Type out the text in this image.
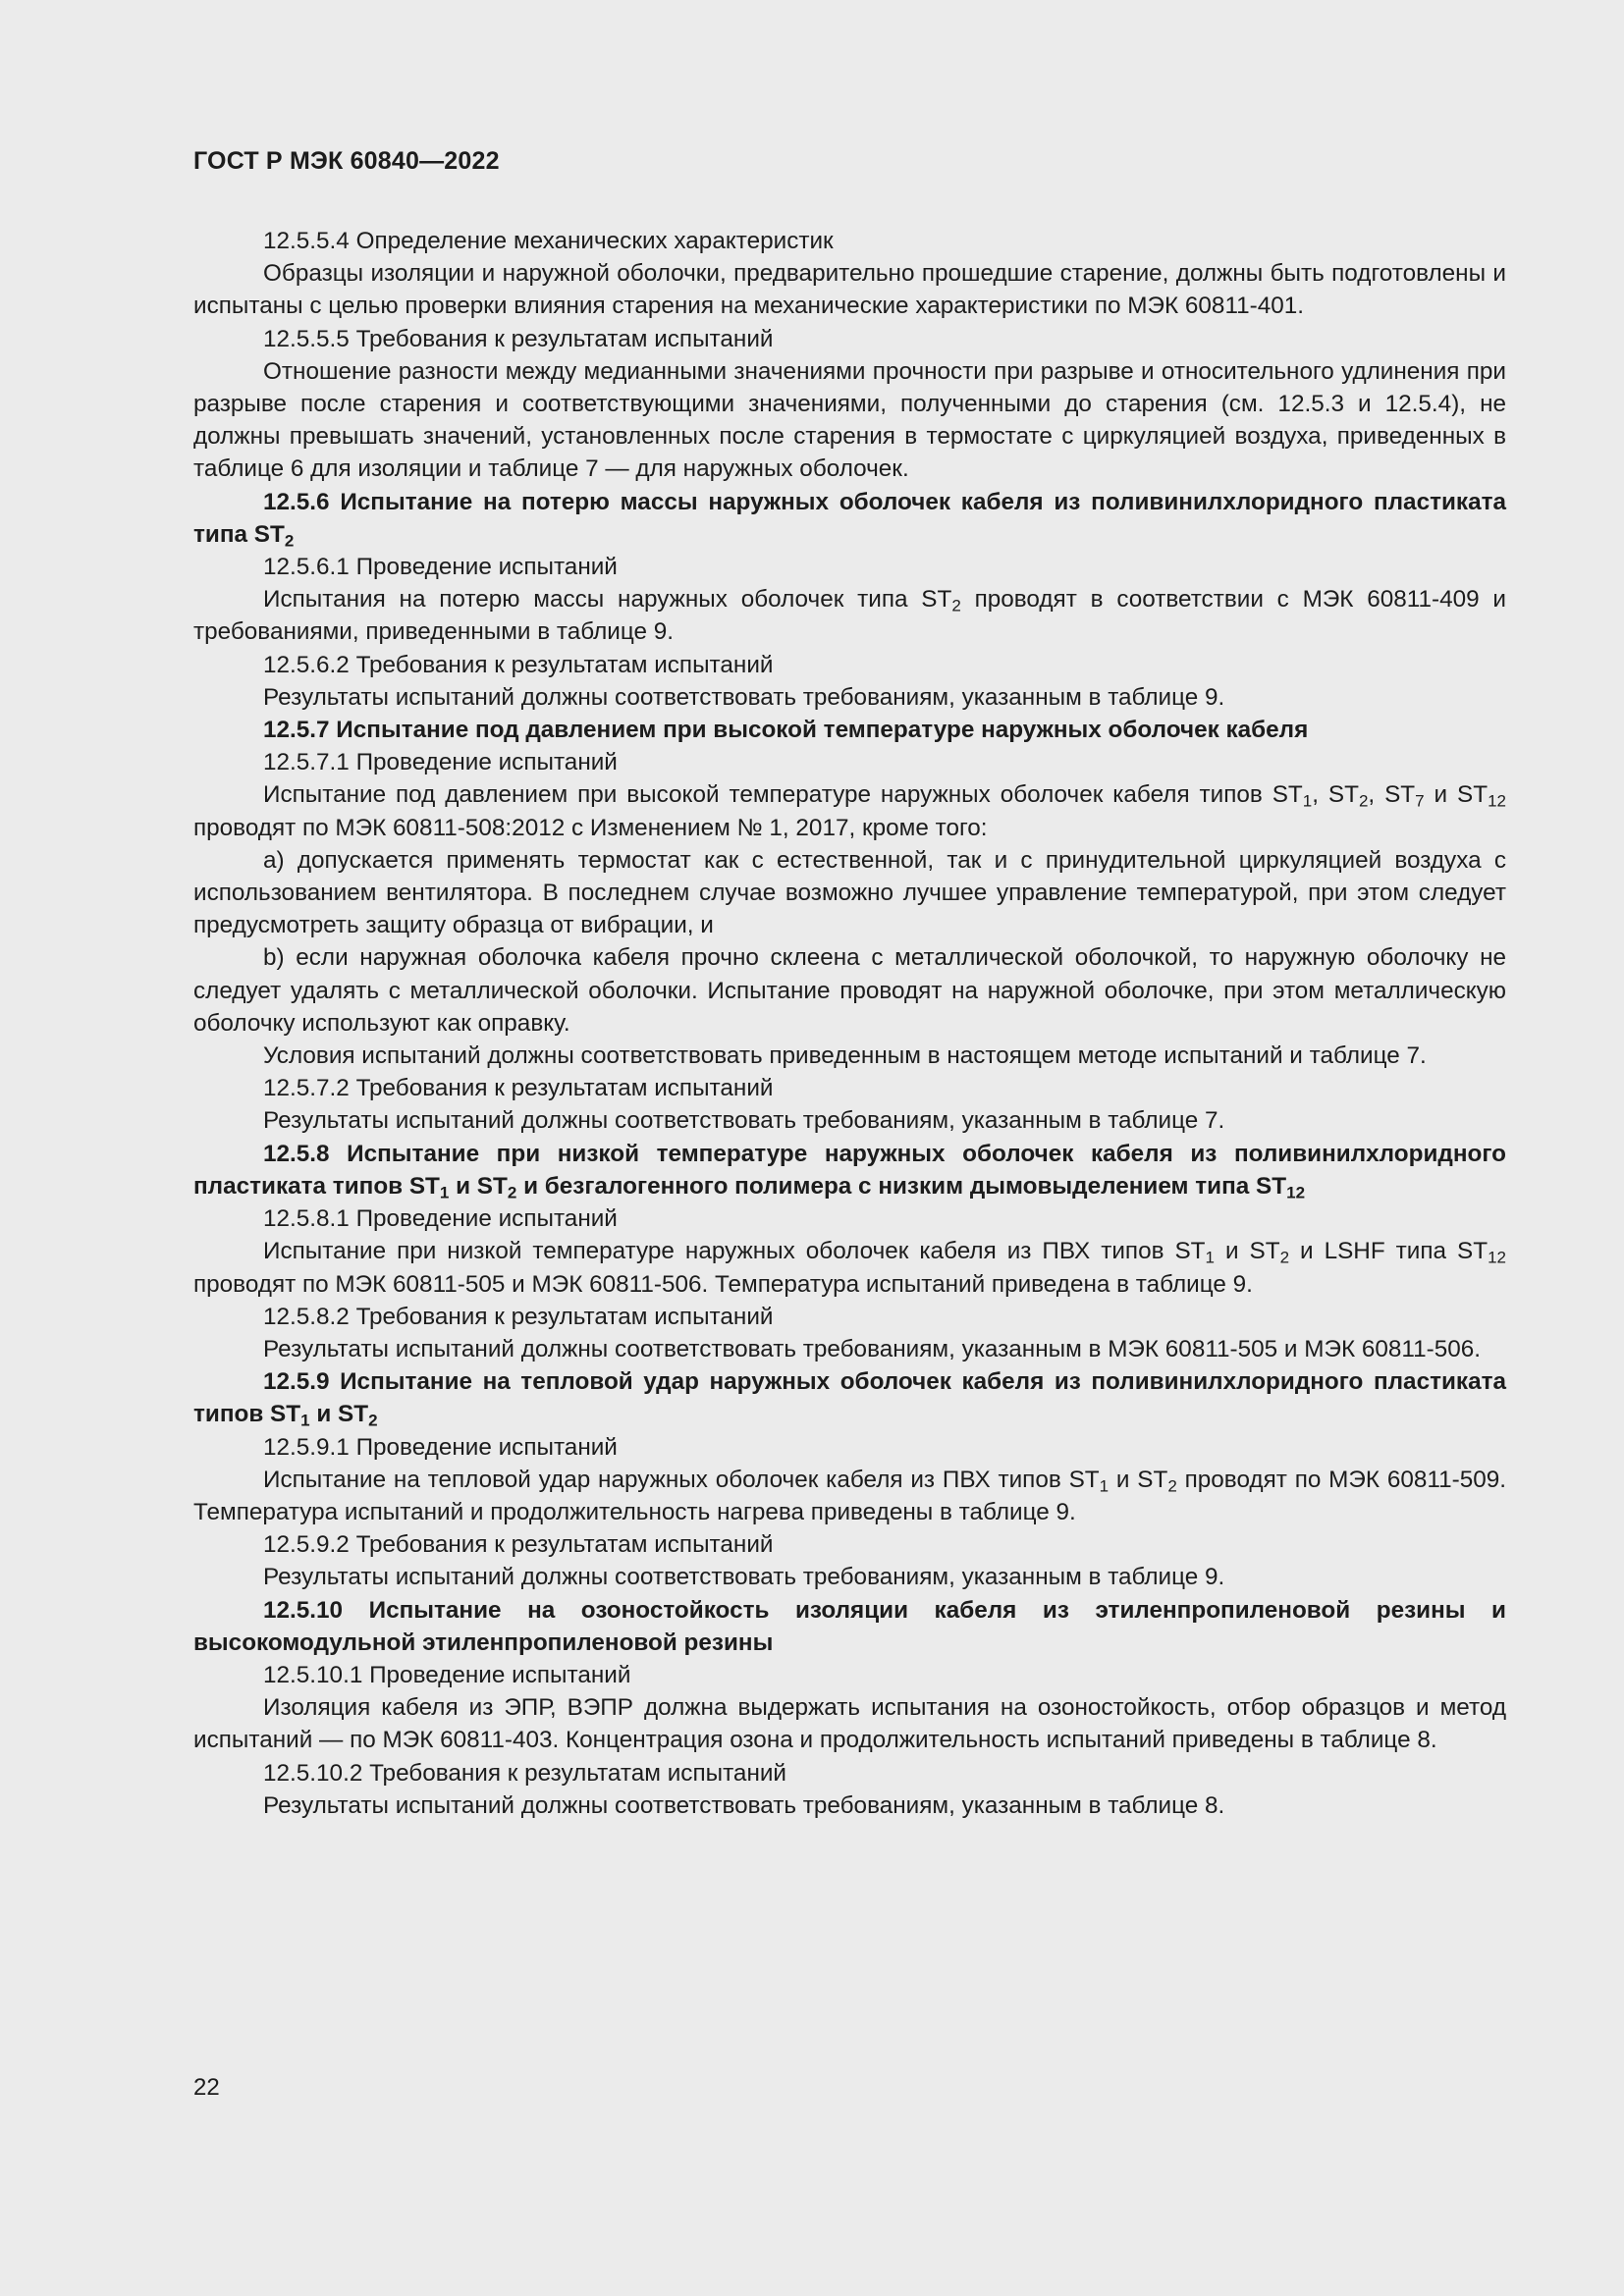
ГОСТ Р МЭК 60840—2022

12.5.5.4 Определение механических характеристик

Образцы изоляции и наружной оболочки, предварительно прошедшие старение, должны быть подготовлены и испытаны с целью проверки влияния старения на механические характеристики по МЭК 60811-401.

12.5.5.5 Требования к результатам испытаний

Отношение разности между медианными значениями прочности при разрыве и относительного удлинения при разрыве после старения и соответствующими значениями, полученными до старения (см. 12.5.3 и 12.5.4), не должны превышать значений, установленных после старения в термостате с циркуляцией воздуха, приведенных в таблице 6 для изоляции и таблице 7 — для наружных оболочек.

12.5.6 Испытание на потерю массы наружных оболочек кабеля из поливинилхлоридного пластиката типа $ST_2$

12.5.6.1 Проведение испытаний

Испытания на потерю массы наружных оболочек типа $ST_2$ проводят в соответствии с МЭК 60811-409 и требованиями, приведенными в таблице 9.

12.5.6.2 Требования к результатам испытаний

Результаты испытаний должны соответствовать требованиям, указанным в таблице 9.

12.5.7 Испытание под давлением при высокой температуре наружных оболочек кабеля

12.5.7.1 Проведение испытаний

Испытание под давлением при высокой температуре наружных оболочек кабеля типов $ST_1$, $ST_2$, $ST_7$ и $ST_{12}$ проводят по МЭК 60811-508:2012 с Изменением № 1, 2017, кроме того:

a) допускается применять термостат как с естественной, так и с принудительной циркуляцией воздуха с использованием вентилятора. В последнем случае возможно лучшее управление температурой, при этом следует предусмотреть защиту образца от вибрации, и

b) если наружная оболочка кабеля прочно склеена с металлической оболочкой, то наружную оболочку не следует удалять с металлической оболочки. Испытание проводят на наружной оболочке, при этом металлическую оболочку используют как оправку.

Условия испытаний должны соответствовать приведенным в настоящем методе испытаний и таблице 7.

12.5.7.2 Требования к результатам испытаний

Результаты испытаний должны соответствовать требованиям, указанным в таблице 7.

12.5.8 Испытание при низкой температуре наружных оболочек кабеля из поливинилхлоридного пластиката типов $ST_1$ и $ST_2$ и безгалогенного полимера с низким дымовыделением типа $ST_{12}$

12.5.8.1 Проведение испытаний

Испытание при низкой температуре наружных оболочек кабеля из ПВХ типов $ST_1$ и $ST_2$ и LSHF типа $ST_{12}$ проводят по МЭК 60811-505 и МЭК 60811-506. Температура испытаний приведена в таблице 9.

12.5.8.2 Требования к результатам испытаний

Результаты испытаний должны соответствовать требованиям, указанным в МЭК 60811-505 и МЭК 60811-506.

12.5.9 Испытание на тепловой удар наружных оболочек кабеля из поливинилхлоридного пластиката типов $ST_1$ и $ST_2$

12.5.9.1 Проведение испытаний

Испытание на тепловой удар наружных оболочек кабеля из ПВХ типов $ST_1$ и $ST_2$ проводят по МЭК 60811-509. Температура испытаний и продолжительность нагрева приведены в таблице 9.

12.5.9.2 Требования к результатам испытаний

Результаты испытаний должны соответствовать требованиям, указанным в таблице 9.

12.5.10 Испытание на озоностойкость изоляции кабеля из этиленпропиленовой резины и высокомодульной этиленпропиленовой резины

12.5.10.1 Проведение испытаний

Изоляция кабеля из ЭПР, ВЭПР должна выдержать испытания на озоностойкость, отбор образцов и метод испытаний — по МЭК 60811-403. Концентрация озона и продолжительность испытаний приведены в таблице 8.

12.5.10.2 Требования к результатам испытаний

Результаты испытаний должны соответствовать требованиям, указанным в таблице 8.

22
